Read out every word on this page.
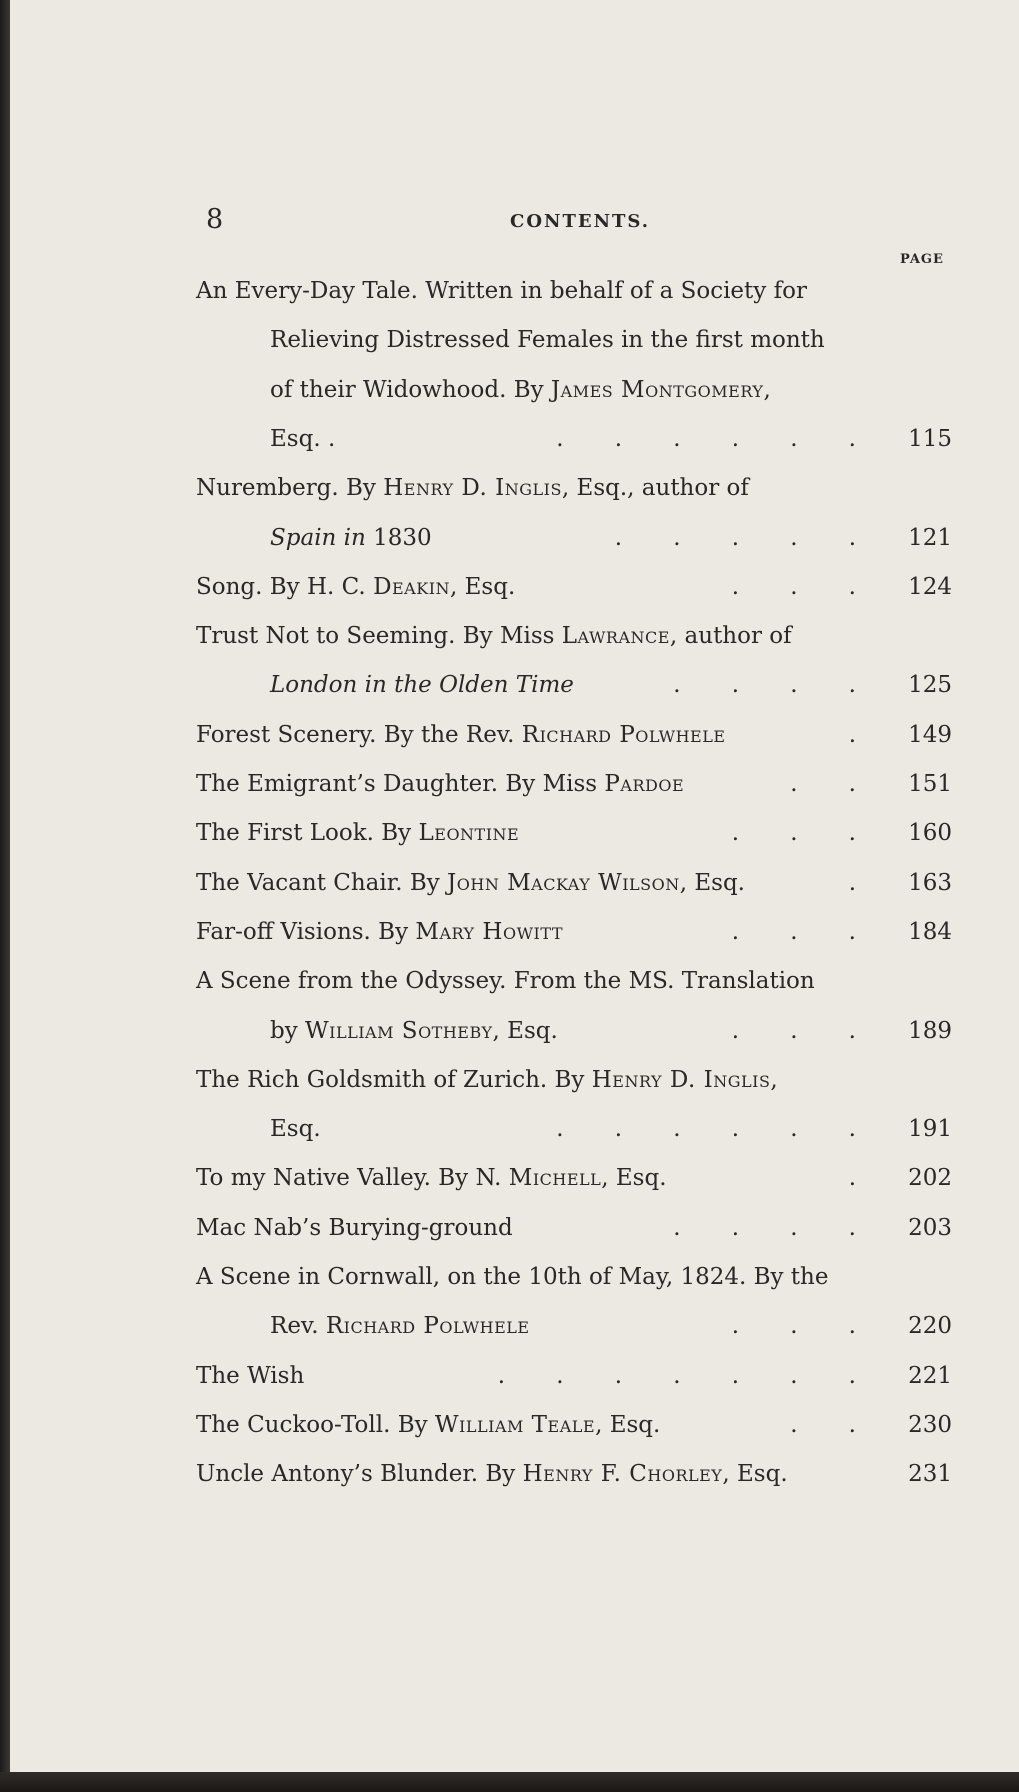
8	CONTENTS.
PAGE
An Every-Day Tale. Written in behalf of a Society for
Relieving Distressed Females in the first month
of their Widowhood. By James Montgomery,
Esq. .	.       .       .       .       .       . 115
Nuremberg. By Henry D. Inglis, Esq., author of
Spain in 1830	.       .       .       .       . 121
Song. By H. C. Deakin, Esq.	.       .       . 124
Trust Not to Seeming. By Miss Lawrance, author of
London in the Olden Time	.       .       .       . 125
Forest Scenery. By the Rev. Richard Polwhele	. 149
The Emigrant’s Daughter. By Miss Pardoe	.       . 151
The First Look. By Leontine	.       .       . 160
The Vacant Chair. By John Mackay Wilson, Esq.	. 163
Far-off Visions. By Mary Howitt	.       .       . 184
A Scene from the Odyssey. From the MS. Translation
by William Sotheby, Esq.	.       .       . 189
The Rich Goldsmith of Zurich. By Henry D. Inglis,
Esq.	.       .       .       .       .       . 191
To my Native Valley. By N. Michell, Esq.	. 202
Mac Nab’s Burying-ground	.       .       .       . 203
A Scene in Cornwall, on the 10th of May, 1824. By the
Rev. Richard Polwhele	.       .       . 220
The Wish	.       .       .       .       .       .       . 221
The Cuckoo-Toll. By William Teale, Esq.	.       . 230
Uncle Antony’s Blunder. By Henry F. Chorley, Esq.	231
